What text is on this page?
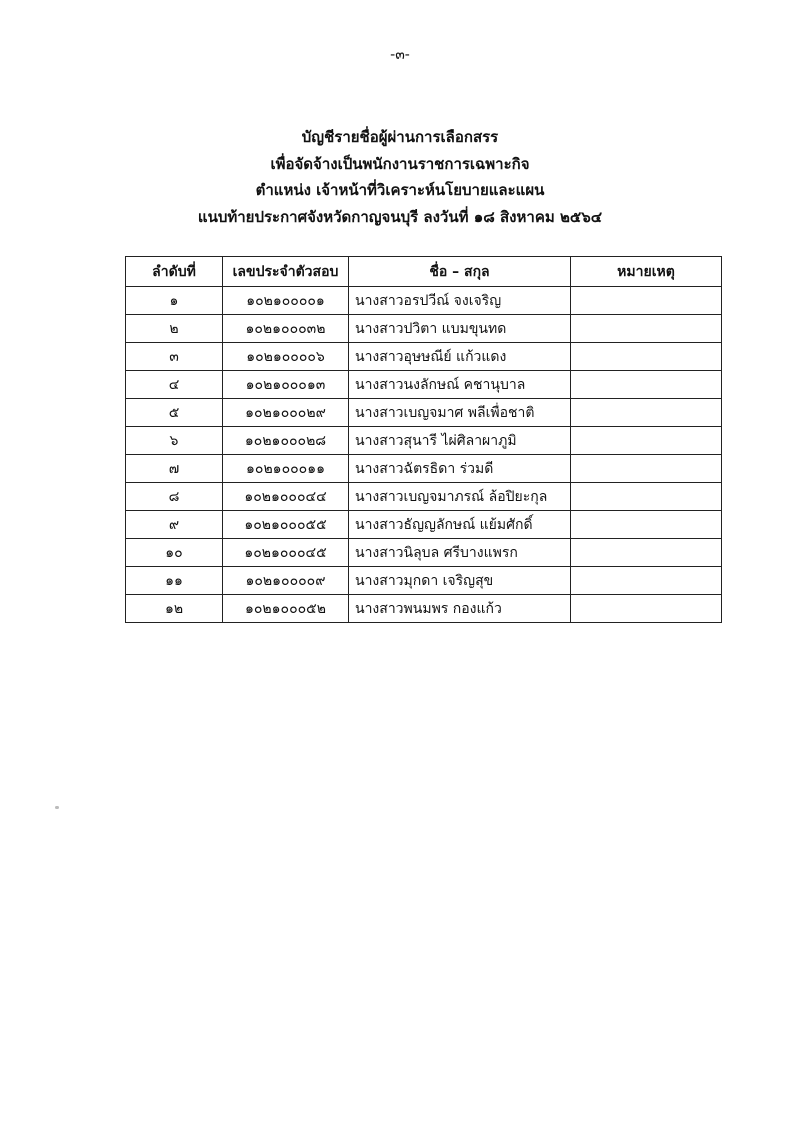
-๓-
บัญชีรายชื่อผู้ผ่านการเลือกสรร
เพื่อจัดจ้างเป็นพนักงานราชการเฉพาะกิจ
ตำแหน่ง เจ้าหน้าที่วิเคราะห์นโยบายและแผน
แนบท้ายประกาศจังหวัดกาญจนบุรี ลงวันที่ ๑๘ สิงหาคม ๒๕๖๔
ลำดับที่	เลขประจำตัวสอบ	ชื่อ – สกุล	หมายเหตุ
๑	๑๐๒๑๐๐๐๐๑	นางสาวอรปวีณ์ จงเจริญ	
๒	๑๐๒๑๐๐๐๓๒	นางสาวปวิตา แบมขุนทด	
๓	๑๐๒๑๐๐๐๐๖	นางสาวอุษษณีย์ แก้วแดง	
๔	๑๐๒๑๐๐๐๑๓	นางสาวนงลักษณ์ คชานุบาล	
๕	๑๐๒๑๐๐๐๒๙	นางสาวเบญจมาศ พลีเพื่อชาติ	
๖	๑๐๒๑๐๐๐๒๘	นางสาวสุนารี ไผ่ศิลาผาภูมิ	
๗	๑๐๒๑๐๐๐๑๑	นางสาวฉัตรธิดา ร่วมดี	
๘	๑๐๒๑๐๐๐๔๔	นางสาวเบญจมาภรณ์ ล้อปิยะกุล	
๙	๑๐๒๑๐๐๐๕๕	นางสาวธัญญลักษณ์ แย้มศักดิ์	
๑๐	๑๐๒๑๐๐๐๔๕	นางสาวนิลุบล ศรีบางแพรก	
๑๑	๑๐๒๑๐๐๐๐๙	นางสาวมุกดา เจริญสุข	
๑๒	๑๐๒๑๐๐๐๕๒	นางสาวพนมพร กองแก้ว	
